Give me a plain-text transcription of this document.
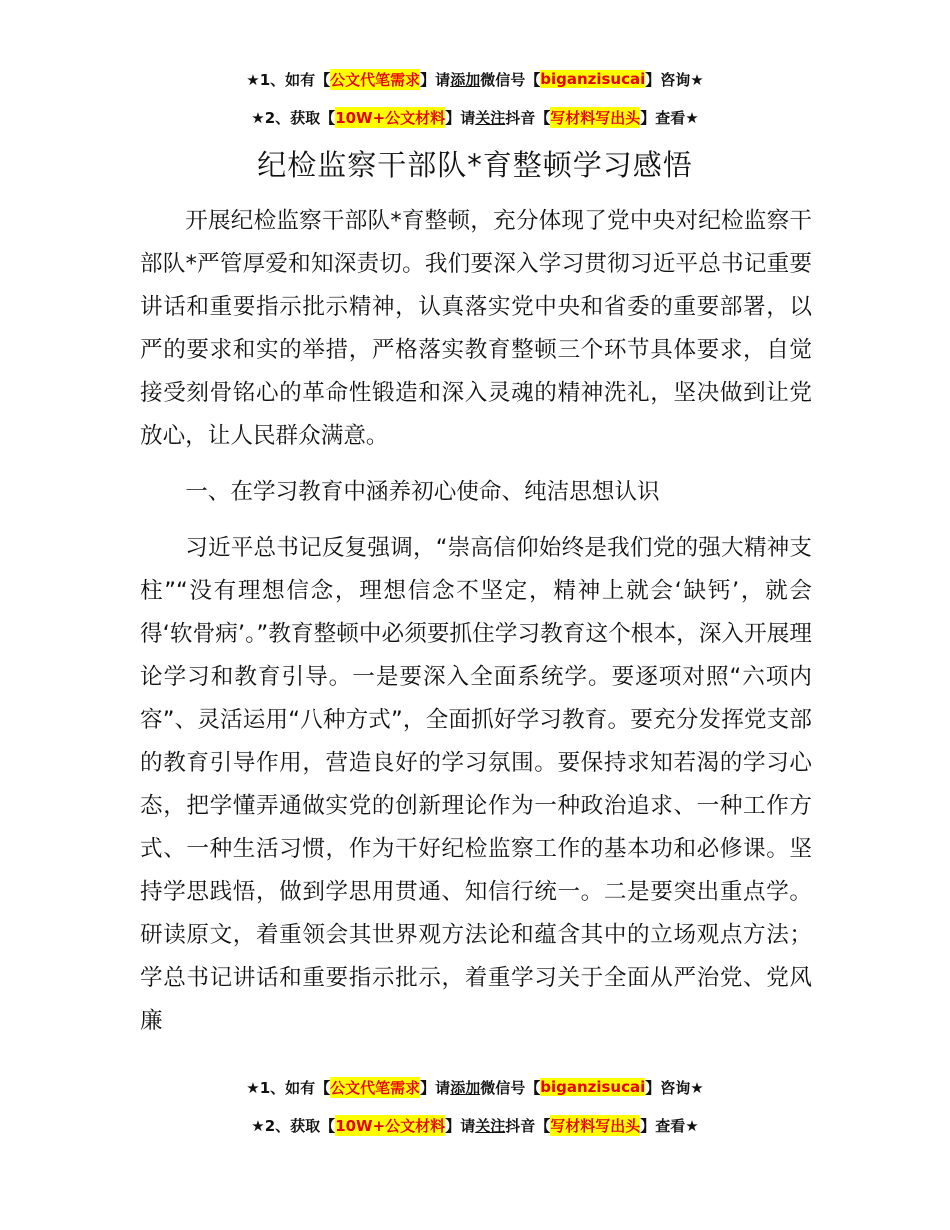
★1、如有【 公文代笔需求 】请 添加 微信号【 biganzisucai 】咨询★
★2、获取【 10W+公文材料 】请 关注 抖音【 写材料写出头 】查看★
纪检监察干部队*育整顿学习感悟

开展纪检监察干部队*育整顿，充分体现了党中央对纪检监察干部队*严管厚爱和知深责切。我们要深入学习贯彻习近平总书记重要讲话和重要指示批示精神，认真落实党中央和省委的重要部署，以严的要求和实的举措，严格落实教育整顿三个环节具体要求，自觉接受刻骨铭心的革命性锻造和深入灵魂的精神洗礼，坚决做到让党放心，让人民群众满意。

一、在学习教育中涵养初心使命、纯洁思想认识

习近平总书记反复强调，“崇高信仰始终是我们党的强大精神支柱”“没有理想信念，理想信念不坚定，精神上就会‘缺钙’，就会得‘软骨病’。”教育整顿中必须要抓住学习教育这个根本，深入开展理论学习和教育引导。一是要深入全面系统学。要逐项对照“六项内容”、灵活运用“八种方式”，全面抓好学习教育。要充分发挥党支部的教育引导作用，营造良好的学习氛围。要保持求知若渴的学习心态，把学懂弄通做实党的创新理论作为一种政治追求、一种工作方式、一种生活习惯，作为干好纪检监察工作的基本功和必修课。坚持学思践悟，做到学思用贯通、知信行统一。二是要突出重点学。研读原文，着重领会其世界观方法论和蕴含其中的立场观点方法；学总书记讲话和重要指示批示，着重学习关于全面从严治党、党风廉

★1、如有【 公文代笔需求 】请 添加 微信号【 biganzisucai 】咨询★
★2、获取【 10W+公文材料 】请 关注 抖音【 写材料写出头 】查看★
